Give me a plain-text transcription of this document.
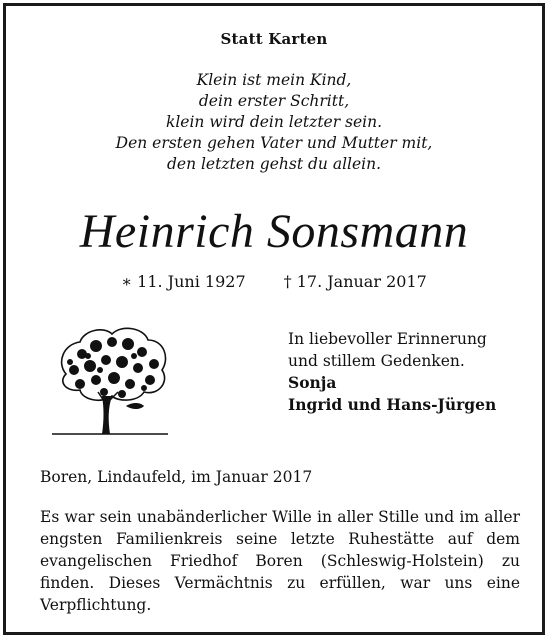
Statt Karten
Klein ist mein Kind,
dein erster Schritt,
klein wird dein letzter sein.
Den ersten gehen Vater und Mutter mit,
den letzten gehst du allein.
Heinrich Sonsmann
∗ 11. Juni 1927 † 17. Januar 2017
In liebevoller Erinnerung
und stillem Gedenken.
Sonja
Ingrid und Hans-Jürgen
Boren, Lindaufeld, im Januar 2017
Es war sein unabänderlicher Wille in aller Stille und im aller engsten Familienkreis seine letzte Ruhestätte auf dem evangelischen Friedhof Boren (Schleswig-Holstein) zu finden. Dieses Vermächtnis zu erfüllen, war uns eine Verpflichtung.
